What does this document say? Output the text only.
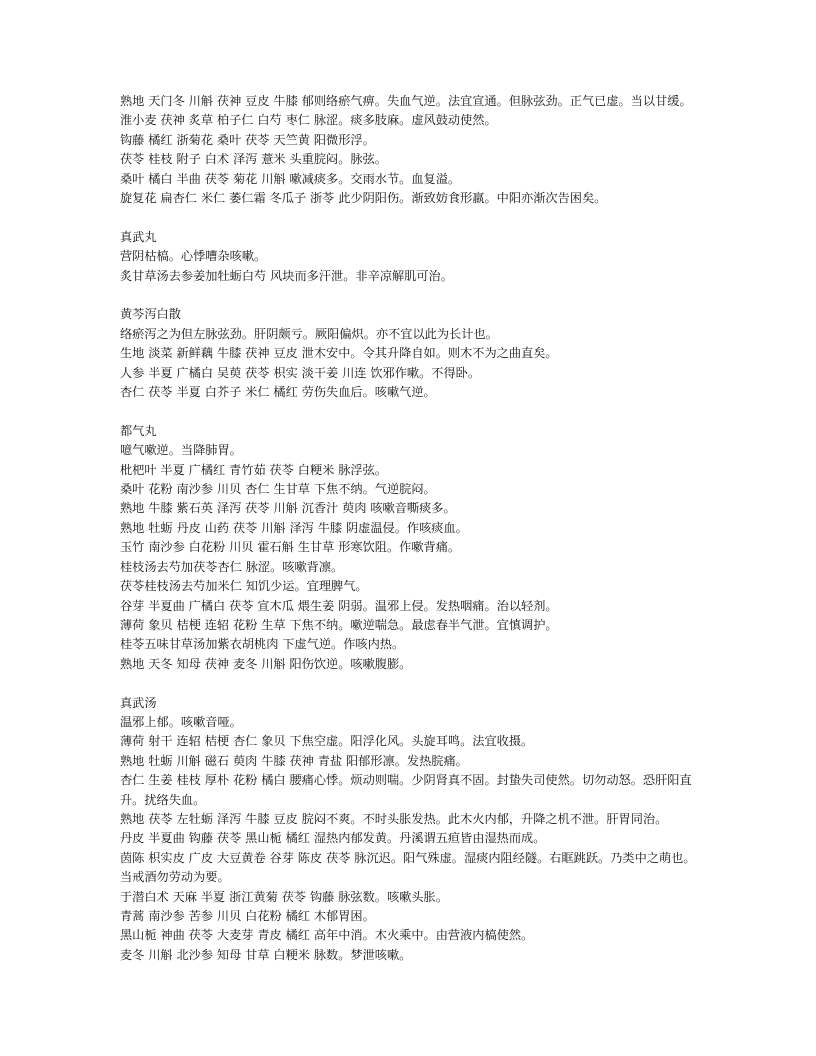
熟地 天门冬 川斛 茯神 豆皮 牛膝 郁则络瘀气痹。失血气逆。法宜宣通。但脉弦劲。正气已虚。当以甘缓。
淮小麦 茯神 炙草 柏子仁 白芍 枣仁 脉涩。痰多肢麻。虚风鼓动使然。
钩藤 橘红 浙菊花 桑叶 茯苓 天竺黄 阳微形浮。
茯苓 桂枝 附子 白术 泽泻 薏米 头重脘闷。脉弦。
桑叶 橘白 半曲 茯苓 菊花 川斛 嗽减痰多。交雨水节。血复溢。
旋复花 扁杏仁 米仁 萎仁霜 冬瓜子 浙苓 此少阴阳伤。渐致妨食形羸。中阳亦渐次告困矣。
真武丸
营阴枯槁。心悸嘈杂咳嗽。
炙甘草汤去参姜加牡蛎白芍 风块而多汗泄。非辛凉解肌可治。
黄芩泻白散
络瘀泻之为但左脉弦劲。肝阴颇亏。厥阳偏炽。亦不宜以此为长计也。
生地 淡菜 新鲜藕 牛膝 茯神 豆皮 泄木安中。令其升降自如。则木不为之曲直矣。
人参 半夏 广橘白 吴萸 茯苓 枳实 淡干姜 川连 饮邪作嗽。不得卧。
杏仁 茯苓 半夏 白芥子 米仁 橘红 劳伤失血后。咳嗽气逆。
都气丸
噫气嗽逆。当降肺胃。
枇杷叶 半夏 广橘红 青竹茹 茯苓 白粳米 脉浮弦。
桑叶 花粉 南沙参 川贝 杏仁 生甘草 下焦不纳。气逆脘闷。
熟地 牛膝 紫石英 泽泻 茯苓 川斛 沉香汁 萸肉 咳嗽音嘶痰多。
熟地 牡蛎 丹皮 山药 茯苓 川斛 泽泻 牛膝 阴虚温侵。作咳痰血。
玉竹 南沙参 白花粉 川贝 霍石斛 生甘草 形寒饮阻。作嗽背痛。
桂枝汤去芍加茯苓杏仁 脉涩。咳嗽背凛。
茯苓桂枝汤去芍加米仁 知饥少运。宜理脾气。
谷芽 半夏曲 广橘白 茯苓 宣木瓜 煨生姜 阴弱。温邪上侵。发热咽痛。治以轻剂。
薄荷 象贝 桔梗 连轺 花粉 生草 下焦不纳。嗽逆喘急。最虑春半气泄。宜慎调护。
桂苓五味甘草汤加紫衣胡桃肉 下虚气逆。作咳内热。
熟地 天冬 知母 茯神 麦冬 川斛 阳伤饮逆。咳嗽腹膨。
真武汤
温邪上郁。咳嗽音哑。
薄荷 射干 连轺 桔梗 杏仁 象贝 下焦空虚。阳浮化风。头旋耳鸣。法宜收摄。
熟地 牡蛎 川斛 磁石 萸肉 牛膝 茯神 青盐 阳郁形凛。发热脘痛。
杏仁 生姜 桂枝 厚朴 花粉 橘白 腰痛心悸。烦动则喘。少阴肾真不固。封蛰失司使然。切勿动怒。恐肝阳直升。扰络失血。
熟地 茯苓 左牡蛎 泽泻 牛膝 豆皮 脘闷不爽。不时头胀发热。此木火内郁，升降之机不泄。肝胃同治。
丹皮 半夏曲 钩藤 茯苓 黑山栀 橘红 湿热内郁发黄。丹溪谓五疸皆由湿热而成。
茵陈 枳实皮 广皮 大豆黄卷 谷芽 陈皮 茯苓 脉沉迟。阳气殊虚。湿痰内阻经隧。右眶跳跃。乃类中之萌也。当戒酒勿劳动为要。
于潜白术 天麻 半夏 浙江黄菊 茯苓 钩藤 脉弦数。咳嗽头胀。
青蒿 南沙参 苦参 川贝 白花粉 橘红 木郁胃困。
黑山栀 神曲 茯苓 大麦芽 青皮 橘红 高年中消。木火乘中。由营液内槁使然。
麦冬 川斛 北沙参 知母 甘草 白粳米 脉数。梦泄咳嗽。
